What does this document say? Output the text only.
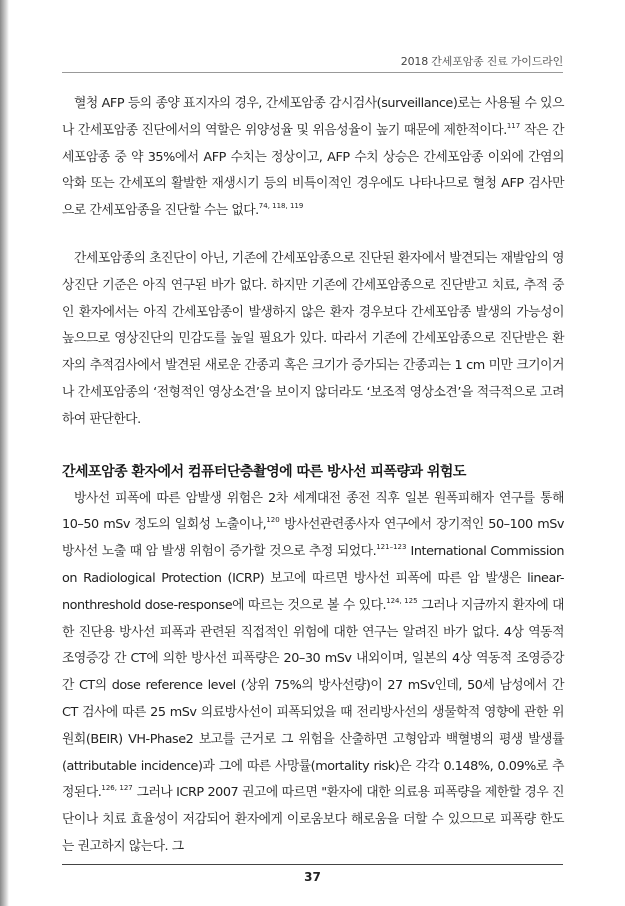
2018 간세포암종 진료 가이드라인

혈청 AFP 등의 종양 표지자의 경우, 간세포암종 감시검사(surveillance)로는 사용될 수 있으나 간세포암종 진단에서의 역할은 위양성율 및 위음성율이 높기 때문에 제한적이다.$^{117}$ 작은 간세포암종 중 약 35%에서 AFP 수치는 정상이고, AFP 수치 상승은 간세포암종 이외에 간염의 악화 또는 간세포의 활발한 재생시기 등의 비특이적인 경우에도 나타나므로 혈청 AFP 검사만으로 간세포암종을 진단할 수는 없다.$^{74, 118, 119}$

간세포암종의 초진단이 아닌, 기존에 간세포암종으로 진단된 환자에서 발견되는 재발암의 영상진단 기준은 아직 연구된 바가 없다. 하지만 기존에 간세포암종으로 진단받고 치료, 추적 중인 환자에서는 아직 간세포암종이 발생하지 않은 환자 경우보다 간세포암종 발생의 가능성이 높으므로 영상진단의 민감도를 높일 필요가 있다. 따라서 기존에 간세포암종으로 진단받은 환자의 추적검사에서 발견된 새로운 간종괴 혹은 크기가 증가되는 간종괴는 1 cm 미만 크기이거나 간세포암종의 ‘전형적인 영상소견’을 보이지 않더라도 ‘보조적 영상소견’을 적극적으로 고려하여 판단한다.

간세포암종 환자에서 컴퓨터단층촬영에 따른 방사선 피폭량과 위험도

방사선 피폭에 따른 암발생 위험은 2차 세계대전 종전 직후 일본 원폭피해자 연구를 통해 10–50 mSv 정도의 일회성 노출이나,$^{120}$ 방사선관련종사자 연구에서 장기적인 50–100 mSv 방사선 노출 때 암 발생 위험이 증가할 것으로 추정 되었다.$^{121-123}$ International Commission on Radiological Protection (ICRP) 보고에 따르면 방사선 피폭에 따른 암 발생은 linear-nonthreshold dose-response에 따르는 것으로 볼 수 있다.$^{124, 125}$ 그러나 지금까지 환자에 대한 진단용 방사선 피폭과 관련된 직접적인 위험에 대한 연구는 알려진 바가 없다. 4상 역동적 조영증강 간 CT에 의한 방사선 피폭량은 20–30 mSv 내외이며, 일본의 4상 역동적 조영증강 간 CT의 dose reference level (상위 75%의 방사선량)이 27 mSv인데, 50세 남성에서 간 CT 검사에 따른 25 mSv 의료방사선이 피폭되었을 때 전리방사선의 생물학적 영향에 관한 위원회(BEIR) VH-Phase2 보고를 근거로 그 위험을 산출하면 고형암과 백혈병의 평생 발생률(attributable incidence)과 그에 따른 사망률(mortality risk)은 각각 0.148%, 0.09%로 추정된다.$^{126, 127}$ 그러나 ICRP 2007 권고에 따르면 "환자에 대한 의료용 피폭량을 제한할 경우 진단이나 치료 효율성이 저감되어 환자에게 이로움보다 해로움을 더할 수 있으므로 피폭량 한도는 권고하지 않는다. 그

37
